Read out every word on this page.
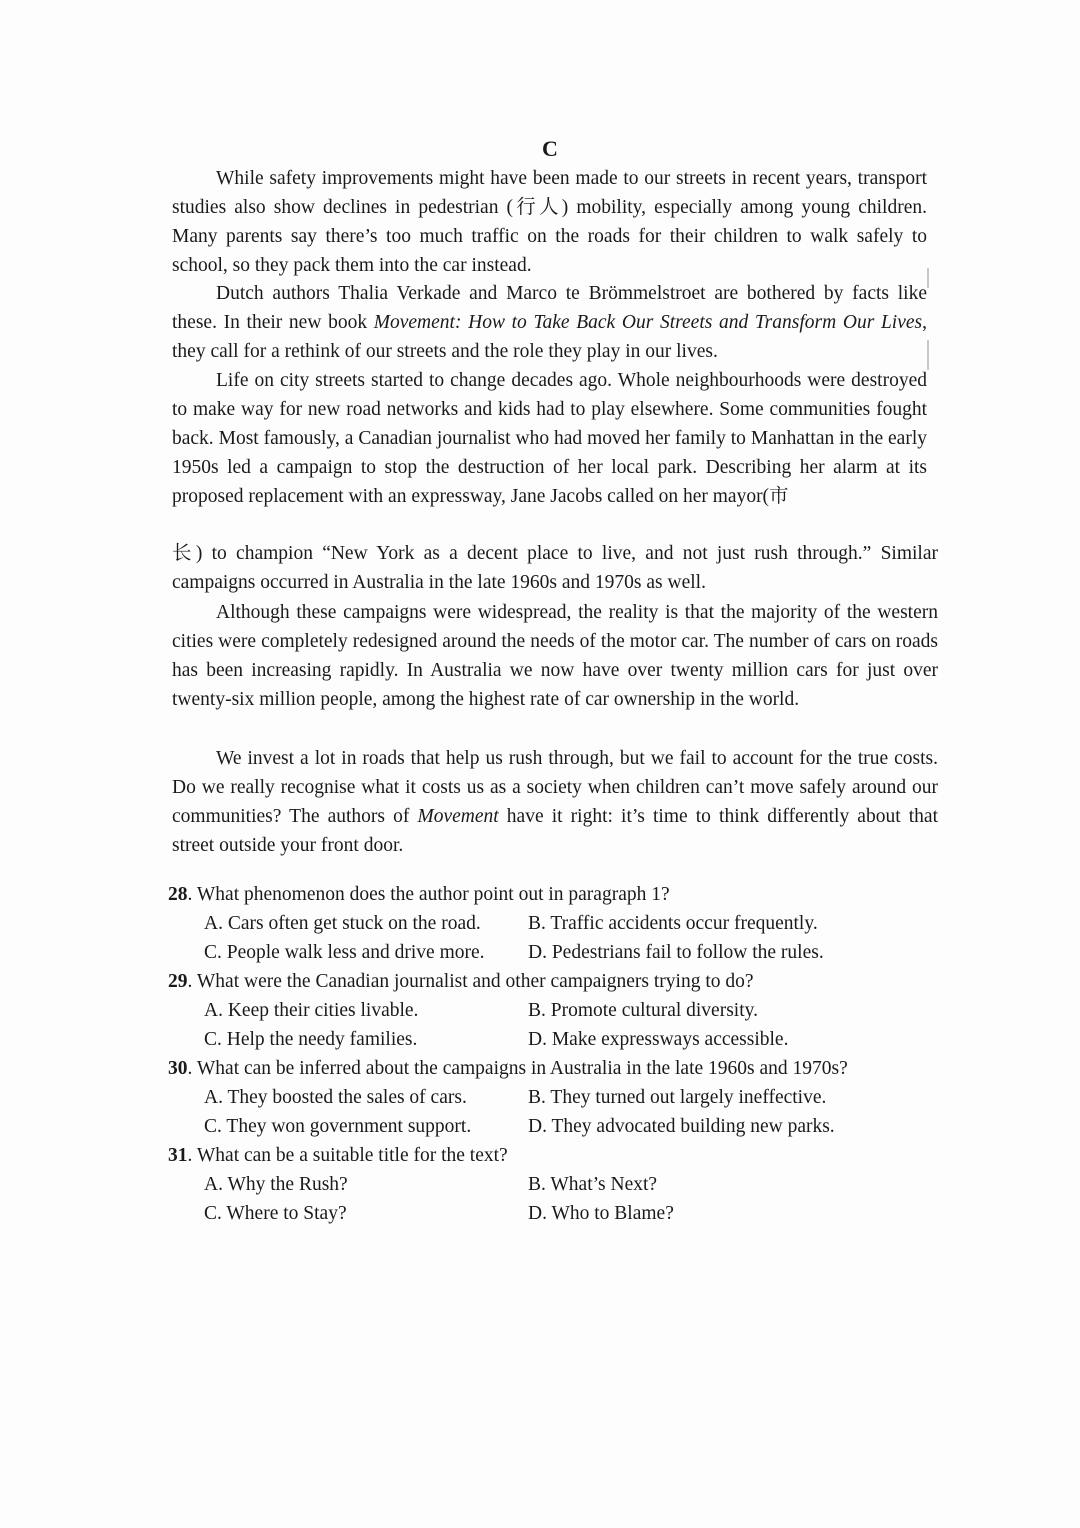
C

While safety improvements might have been made to our streets in recent years, transport studies also show declines in pedestrian (行人) mobility, especially among young children. Many parents say there’s too much traffic on the roads for their children to walk safely to school, so they pack them into the car instead.

Dutch authors Thalia Verkade and Marco te Brömmelstroet are bothered by facts like these. In their new book Movement: How to Take Back Our Streets and Transform Our Lives, they call for a rethink of our streets and the role they play in our lives.

Life on city streets started to change decades ago. Whole neighbourhoods were destroyed to make way for new road networks and kids had to play elsewhere. Some communities fought back. Most famously, a Canadian journalist who had moved her family to Manhattan in the early 1950s led a campaign to stop the destruction of her local park. Describing her alarm at its proposed replacement with an expressway, Jane Jacobs called on her mayor(市

长) to champion “New York as a decent place to live, and not just rush through.” Similar campaigns occurred in Australia in the late 1960s and 1970s as well.

Although these campaigns were widespread, the reality is that the majority of the western cities were completely redesigned around the needs of the motor car. The number of cars on roads has been increasing rapidly. In Australia we now have over twenty million cars for just over twenty-six million people, among the highest rate of car ownership in the world.

We invest a lot in roads that help us rush through, but we fail to account for the true costs. Do we really recognise what it costs us as a society when children can’t move safely around our communities? The authors of Movement have it right: it’s time to think differently about that street outside your front door.

28. What phenomenon does the author point out in paragraph 1?
A. Cars often get stuck on the road. B. Traffic accidents occur frequently.
C. People walk less and drive more. D. Pedestrians fail to follow the rules.
29. What were the Canadian journalist and other campaigners trying to do?
A. Keep their cities livable.	B. Promote cultural diversity.
C. Help the needy families.	D. Make expressways accessible.
30. What can be inferred about the campaigns in Australia in the late 1960s and 1970s?
A. They boosted the sales of cars.	B. They turned out largely ineffective.
C. They won government support.	D. They advocated building new parks.
31. What can be a suitable title for the text?
A. Why the Rush?	B. What’s Next?
C. Where to Stay?	D. Who to Blame?
